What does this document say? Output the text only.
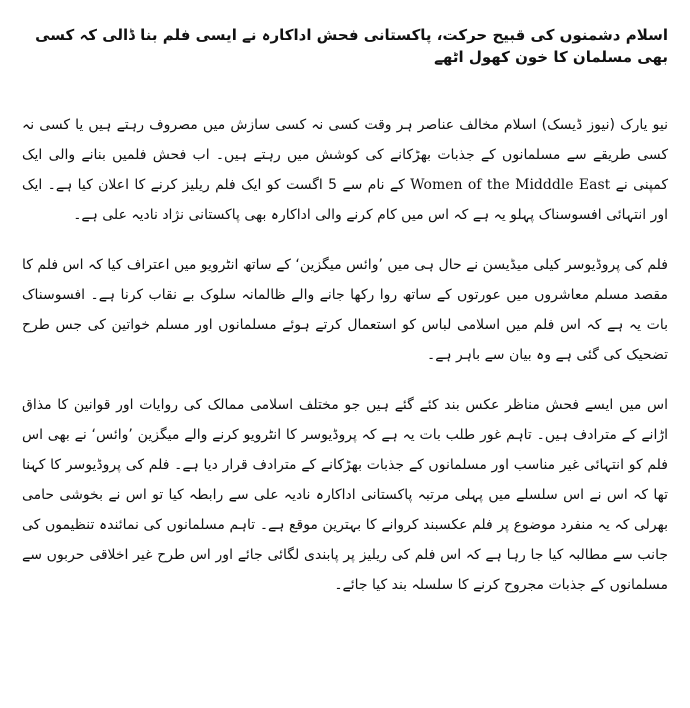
اسلام دشمنوں کی قبیح حرکت، پاکستانی فحش اداکارہ نے ایسی فلم بنا ڈالی کہ کسی بھی مسلمان کا خون کھول اٹھے

نیو یارک (نیوز ڈیسک) اسلام مخالف عناصر ہر وقت کسی نہ کسی سازش میں مصروف رہتے ہیں یا کسی نہ کسی طریقے سے مسلمانوں کے جذبات بھڑکانے کی کوشش میں رہتے ہیں۔ اب فحش فلمیں بنانے والی ایک کمپنی نے Women of the Midddle East کے نام سے 5 اگست کو ایک فلم ریلیز کرنے کا اعلان کیا ہے۔ ایک اور انتہائی افسوسناک پہلو یہ ہے کہ اس میں کام کرنے والی اداکارہ بھی پاکستانی نژاد نادیہ علی ہے۔

فلم کی پروڈیوسر کیلی میڈیسن نے حال ہی میں ’وائس میگزین‘ کے ساتھ انٹرویو میں اعتراف کیا کہ اس فلم کا مقصد مسلم معاشروں میں عورتوں کے ساتھ روا رکھا جانے والے ظالمانہ سلوک بے نقاب کرنا ہے۔ افسوسناک بات یہ ہے کہ اس فلم میں اسلامی لباس کو استعمال کرتے ہوئے مسلمانوں اور مسلم خواتین کی جس طرح تضحیک کی گئی ہے وہ بیان سے باہر ہے۔

اس میں ایسے فحش مناظر عکس بند کئے گئے ہیں جو مختلف اسلامی ممالک کی روایات اور قوانین کا مذاق اڑانے کے مترادف ہیں۔ تاہم غور طلب بات یہ ہے کہ پروڈیوسر کا انٹرویو کرنے والے میگزین ’وائس‘ نے بھی اس فلم کو انتہائی غیر مناسب اور مسلمانوں کے جذبات بھڑکانے کے مترادف قرار دیا ہے۔ فلم کی پروڈیوسر کا کہنا تھا کہ اس نے اس سلسلے میں پہلی مرتبہ پاکستانی اداکارہ نادیہ علی سے رابطہ کیا تو اس نے بخوشی حامی بھرلی کہ یہ منفرد موضوع پر فلم عکسبند کروانے کا بہترین موقع ہے۔ تاہم مسلمانوں کی نمائندہ تنظیموں کی جانب سے مطالبہ کیا جا رہا ہے کہ اس فلم کی ریلیز پر پابندی لگائی جائے اور اس طرح غیر اخلاقی حربوں سے مسلمانوں کے جذبات مجروح کرنے کا سلسلہ بند کیا جائے۔
